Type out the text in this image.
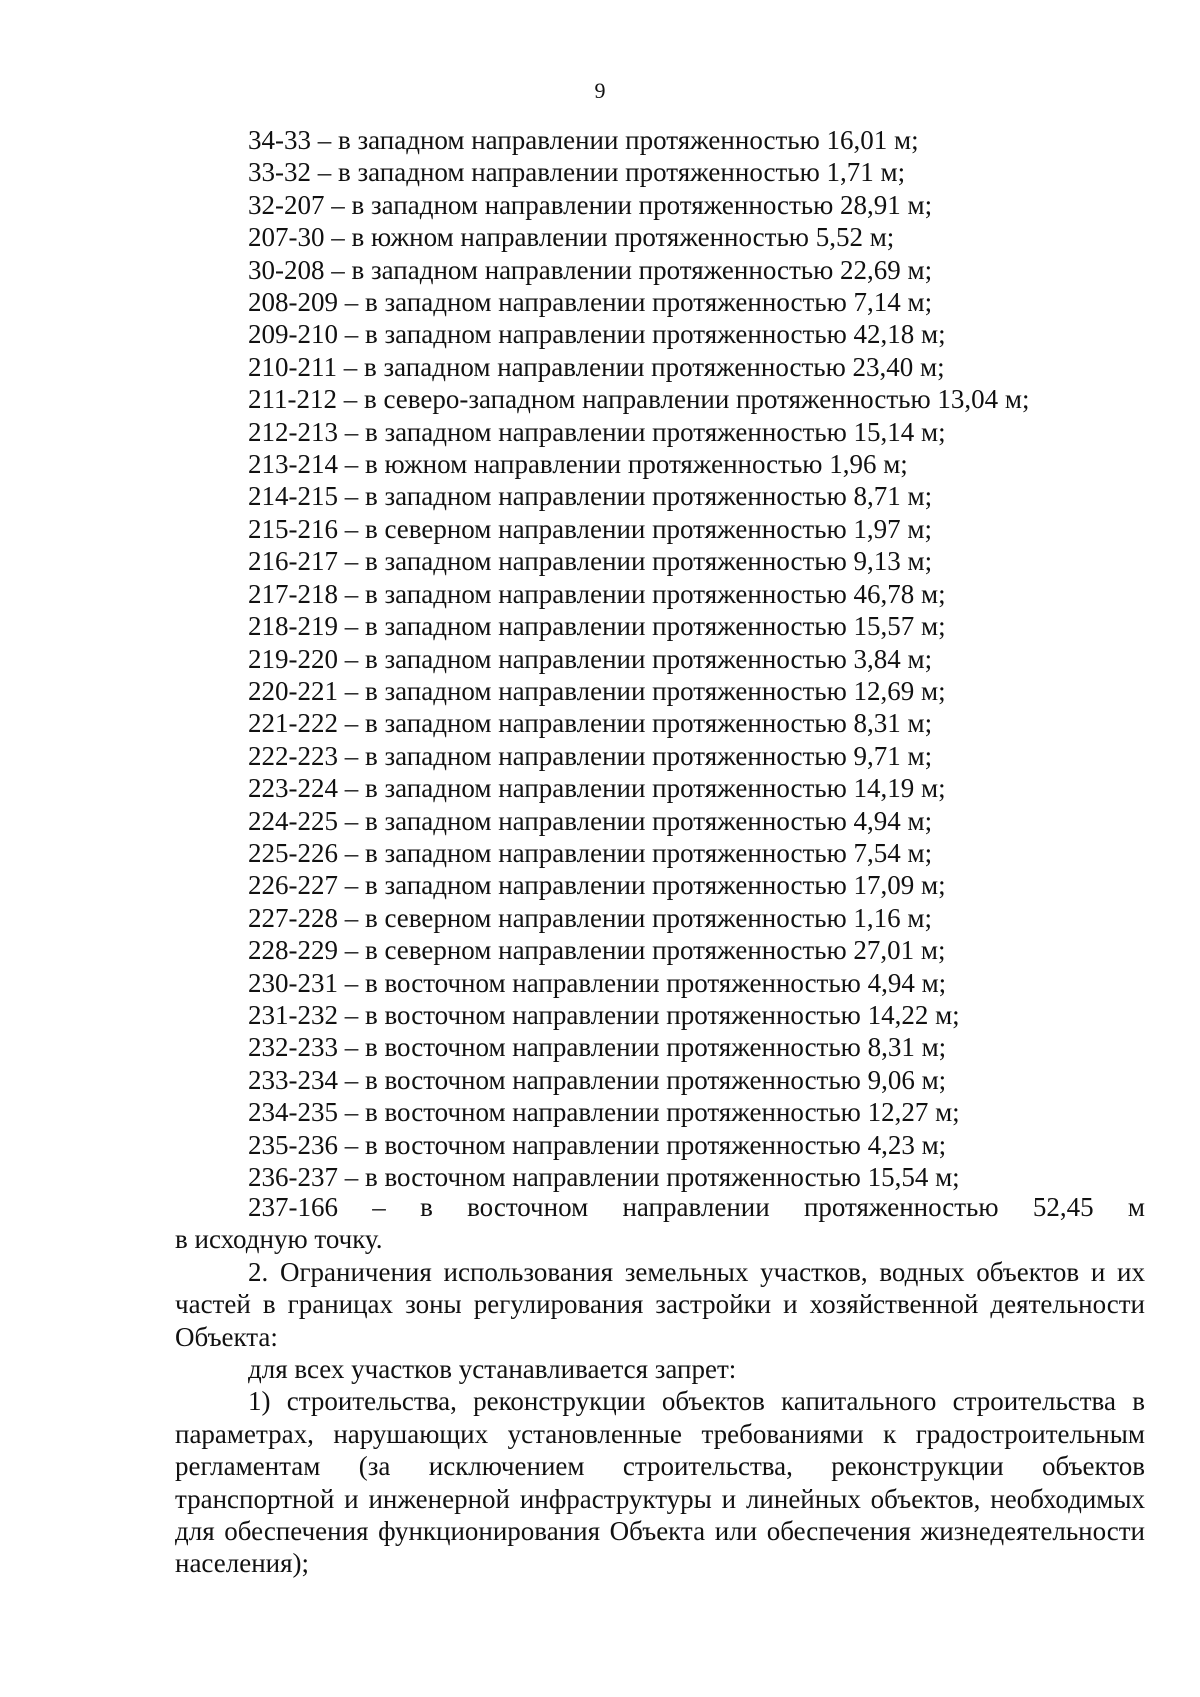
9
34-33 – в западном направлении протяженностью 16,01 м;
33-32 – в западном направлении протяженностью 1,71 м;
32-207 – в западном направлении протяженностью 28,91 м;
207-30 – в южном направлении протяженностью 5,52 м;
30-208 – в западном направлении протяженностью 22,69 м;
208-209 – в западном направлении протяженностью 7,14 м;
209-210 – в западном направлении протяженностью 42,18 м;
210-211 – в западном направлении протяженностью 23,40 м;
211-212 – в северо-западном направлении протяженностью 13,04 м;
212-213 – в западном направлении протяженностью 15,14 м;
213-214 – в южном направлении протяженностью 1,96 м;
214-215 – в западном направлении протяженностью 8,71 м;
215-216 – в северном направлении протяженностью 1,97 м;
216-217 – в западном направлении протяженностью 9,13 м;
217-218 – в западном направлении протяженностью 46,78 м;
218-219 – в западном направлении протяженностью 15,57 м;
219-220 – в западном направлении протяженностью 3,84 м;
220-221 – в западном направлении протяженностью 12,69 м;
221-222 – в западном направлении протяженностью 8,31 м;
222-223 – в западном направлении протяженностью 9,71 м;
223-224 – в западном направлении протяженностью 14,19 м;
224-225 – в западном направлении протяженностью 4,94 м;
225-226 – в западном направлении протяженностью 7,54 м;
226-227 – в западном направлении протяженностью 17,09 м;
227-228 – в северном направлении протяженностью 1,16 м;
228-229 – в северном направлении протяженностью 27,01 м;
230-231 – в восточном направлении протяженностью 4,94 м;
231-232 – в восточном направлении протяженностью 14,22 м;
232-233 – в восточном направлении протяженностью 8,31 м;
233-234 – в восточном направлении протяженностью 9,06 м;
234-235 – в восточном направлении протяженностью 12,27 м;
235-236 – в восточном направлении протяженностью 4,23 м;
236-237 – в восточном направлении протяженностью 15,54 м;
237-166 – в восточном направлении протяженностью 52,45 м

в исходную точку.

2. Ограничения использования земельных участков, водных объектов и их частей в границах зоны регулирования застройки и хозяйственной деятельности Объекта:

для всех участков устанавливается запрет:

1) строительства, реконструкции объектов капитального строительства в параметрах, нарушающих установленные требованиями к градостроительным регламентам (за исключением строительства, реконструкции объектов транспортной и инженерной инфраструктуры и линейных объектов, необходимых для обеспечения функционирования Объекта или обеспечения жизнедеятельности населения);
